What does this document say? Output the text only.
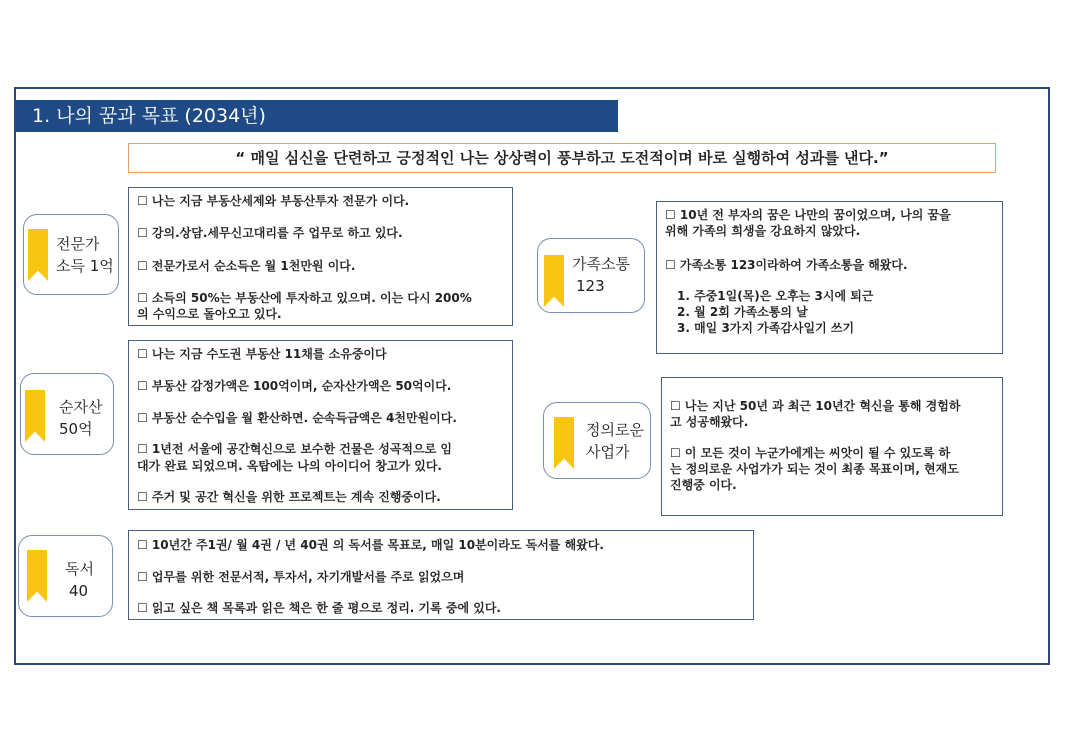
1. 나의 꿈과 목표 (2034년)
“ 매일 심신을 단련하고 긍정적인 나는 상상력이 풍부하고 도전적이며 바로 실행하여 성과를 낸다.”
전문가
소득 1억
순자산
50억
독서
40
가족소통
123
정의로운
사업가

☐ 나는 지금 부동산세제와 부동산투자 전문가 이다.

☐ 강의.상담.세무신고대리를 주 업무로 하고 있다.

☐ 전문가로서 순소득은 월 1천만원 이다.

☐ 소득의 50%는 부동산에 투자하고 있으며. 이는 다시 200%

의 수익으로 돌아오고 있다.

☐ 나는 지금 수도권 부동산 11채를 소유중이다

☐ 부동산 감정가액은 100억이며, 순자산가액은 50억이다.

☐ 부동산 순수입을 월 환산하면. 순속득금액은 4천만원이다.

☐ 1년전 서울에 공간혁신으로 보수한 건물은 성곡적으로 임

대가 완료 되었으며. 옥탑에는 나의 아이디어 창고가 있다.

☐ 주거 및 공간 혁신을 위한 프로젝트는 계속 진행중이다.

☐ 10년간 주1권/ 월 4권 / 년 40권 의 독서를 목표로, 매일 10분이라도 독서를 해왔다.

☐ 업무를 위한 전문서적, 투자서, 자기개발서를 주로 읽었으며

☐ 읽고 싶은 책 목록과 읽은 책은 한 줄 평으로 정리. 기록 중에 있다.

☐ 10년 전 부자의 꿈은 나만의 꿈이었으며, 나의 꿈을

위해 가족의 희생을 강요하지 않았다.

☐ 가족소통 123이라하여 가족소통을 해왔다.

1. 주중1일(목)은 오후는 3시에 퇴근

2. 월 2회 가족소통의 날

3. 매일 3가지 가족감사일기 쓰기

☐ 나는 지난 50년 과 최근 10년간 혁신을 통해 경험하

고 성공해왔다.

☐ 이 모든 것이 누군가에게는 씨앗이 될 수 있도록 하

는 정의로운 사업가가 되는 것이 최종 목표이며, 현재도

진행중 이다.
